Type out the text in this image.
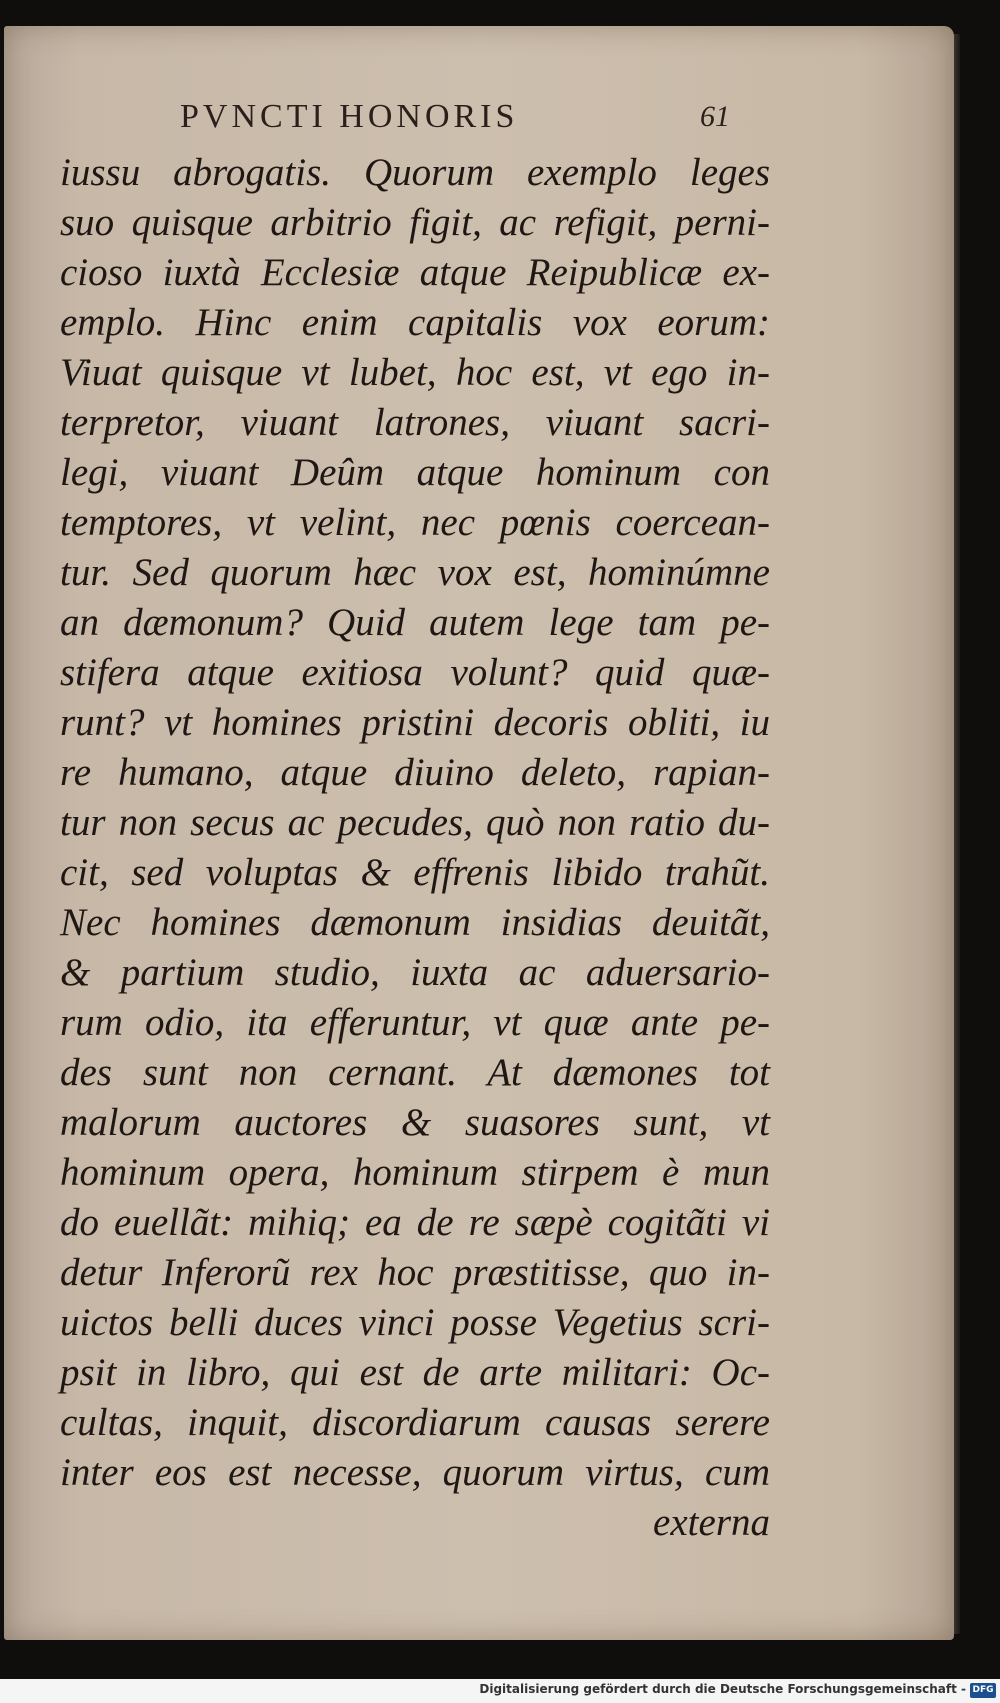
PVNCTI HONORIS	61
iussu abrogatis. Quorum exemplo leges
suo quisque arbitrio figit, ac refigit, perni-
cioso iuxtà Ecclesiæ atque Reipublicæ ex-
emplo. Hinc enim capitalis vox eorum:
Viuat quisque vt lubet, hoc est, vt ego in-
terpretor, viuant latrones, viuant sacri-
legi, viuant Deûm atque hominum con
temptores, vt velint, nec pœnis coercean-
tur. Sed quorum hæc vox est, hominúmne
an dæmonum? Quid autem lege tam pe-
stifera atque exitiosa volunt? quid quæ-
runt? vt homines pristini decoris obliti, iu
re humano, atque diuino deleto, rapian-
tur non secus ac pecudes, quò non ratio du-
cit, sed voluptas & effrenis libido trahũt.
Nec homines dæmonum insidias deuitãt,
& partium studio, iuxta ac aduersario-
rum odio, ita efferuntur, vt quæ ante pe-
des sunt non cernant. At dæmones tot
malorum auctores & suasores sunt, vt
hominum opera, hominum stirpem è mun
do euellãt: mihiq; ea de re sæpè cogitãti vi
detur Inferorũ rex hoc præstitisse, quo in-
uictos belli duces vinci posse Vegetius scri-
psit in libro, qui est de arte militari: Oc-
cultas, inquit, discordiarum causas serere
inter eos est necesse, quorum virtus, cum
externa
Digitalisierung gefördert durch die Deutsche Forschungsgemeinschaft - DFG
